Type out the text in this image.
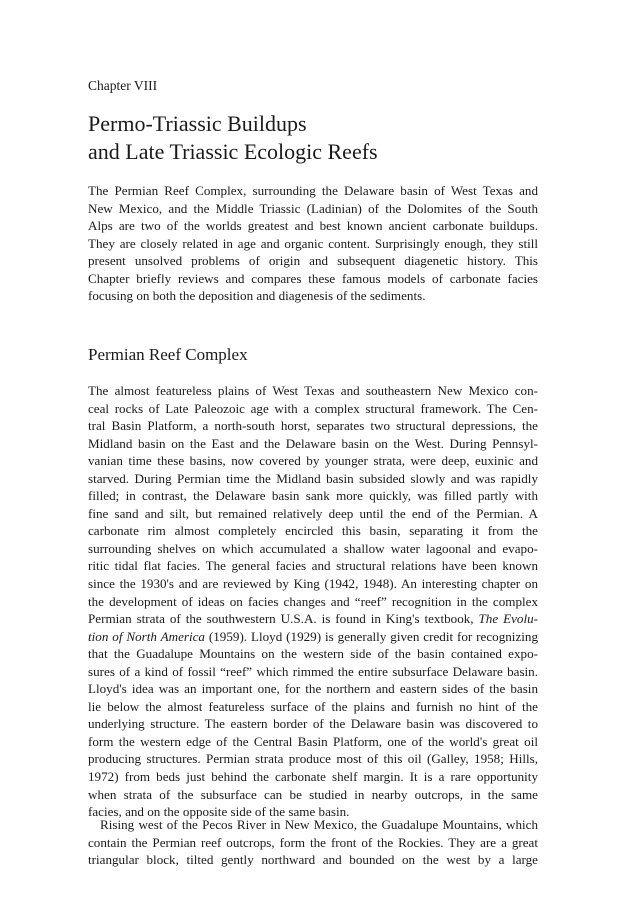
Chapter VIII
Permo-Triassic Buildups
and Late Triassic Ecologic Reefs

The Permian Reef Complex, surrounding the Delaware basin of West Texas and
New Mexico, and the Middle Triassic (Ladinian) of the Dolomites of the South
Alps are two of the worlds greatest and best known ancient carbonate buildups.
They are closely related in age and organic content. Surprisingly enough, they still
present unsolved problems of origin and subsequent diagenetic history. This
Chapter briefly reviews and compares these famous models of carbonate facies
focusing on both the deposition and diagenesis of the sediments.

Permian Reef Complex

The almost featureless plains of West Texas and southeastern New Mexico con-
ceal rocks of Late Paleozoic age with a complex structural framework. The Cen-
tral Basin Platform, a north-south horst, separates two structural depressions, the
Midland basin on the East and the Delaware basin on the West. During Pennsyl-
vanian time these basins, now covered by younger strata, were deep, euxinic and
starved. During Permian time the Midland basin subsided slowly and was rapidly
filled; in contrast, the Delaware basin sank more quickly, was filled partly with
fine sand and silt, but remained relatively deep until the end of the Permian. A
carbonate rim almost completely encircled this basin, separating it from the
surrounding shelves on which accumulated a shallow water lagoonal and evapo-
ritic tidal flat facies. The general facies and structural relations have been known
since the 1930's and are reviewed by King (1942, 1948). An interesting chapter on
the development of ideas on facies changes and “reef” recognition in the complex
Permian strata of the southwestern U.S.A. is found in King's textbook, The Evolu-
tion of North America (1959). Lloyd (1929) is generally given credit for recognizing
that the Guadalupe Mountains on the western side of the basin contained expo-
sures of a kind of fossil “reef” which rimmed the entire subsurface Delaware basin.
Lloyd's idea was an important one, for the northern and eastern sides of the basin
lie below the almost featureless surface of the plains and furnish no hint of the
underlying structure. The eastern border of the Delaware basin was discovered to
form the western edge of the Central Basin Platform, one of the world's great oil
producing structures. Permian strata produce most of this oil (Galley, 1958; Hills,
1972) from beds just behind the carbonate shelf margin. It is a rare opportunity
when strata of the subsurface can be studied in nearby outcrops, in the same
facies, and on the opposite side of the same basin.

Rising west of the Pecos River in New Mexico, the Guadalupe Mountains, which
contain the Permian reef outcrops, form the front of the Rockies. They are a great
triangular block, tilted gently northward and bounded on the west by a large
